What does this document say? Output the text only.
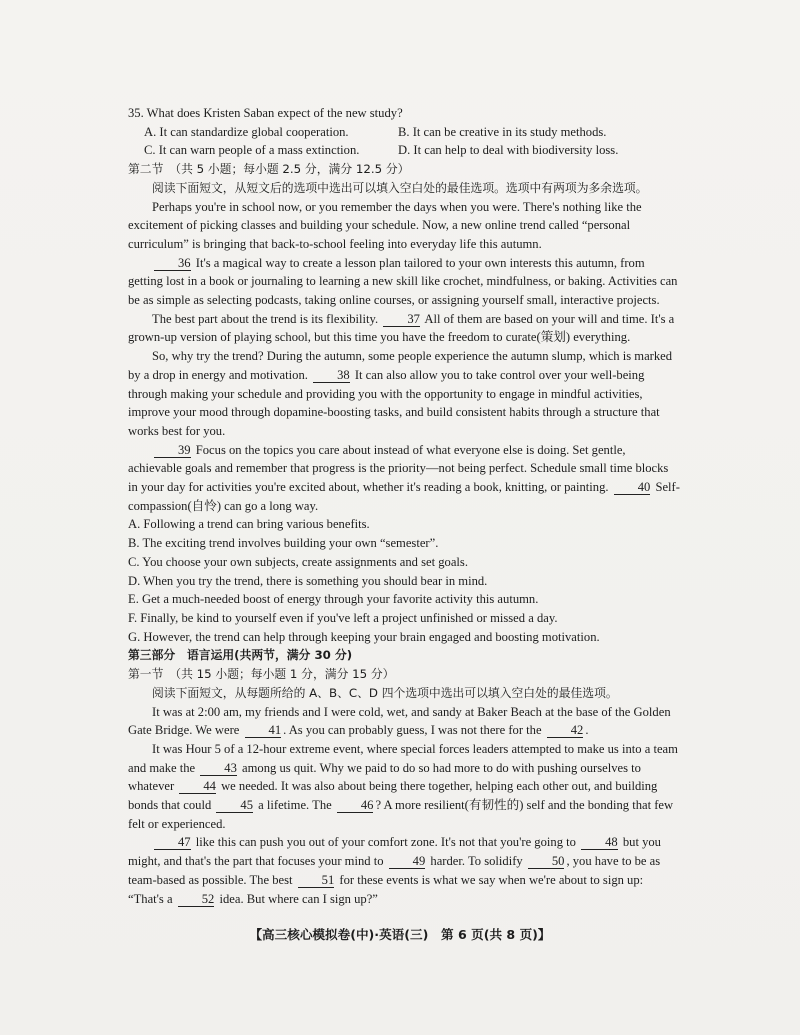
35. What does Kristen Saban expect of the new study?

A. It can standardize global cooperation.	B. It can be creative in its study methods.
C. It can warn people of a mass extinction.	D. It can help to deal with biodiversity loss.

第二节　（共 5 小题；每小题 2.5 分，满分 12.5 分）

阅读下面短文，从短文后的选项中选出可以填入空白处的最佳选项。选项中有两项为多余选项。

Perhaps you're in school now, or you remember the days when you were. There's nothing like the excitement of picking classes and building your schedule. Now, a new online trend called “personal curriculum” is bringing that back-to-school feeling into everyday life this autumn.

36 It's a magical way to create a lesson plan tailored to your own interests this autumn, from getting lost in a book or journaling to learning a new skill like crochet, mindfulness, or baking. Activities can be as simple as selecting podcasts, taking online courses, or assigning yourself small, interactive projects.

The best part about the trend is its flexibility. 37 All of them are based on your will and time. It's a grown-up version of playing school, but this time you have the freedom to curate(策划) everything.

So, why try the trend? During the autumn, some people experience the autumn slump, which is marked by a drop in energy and motivation. 38 It can also allow you to take control over your well-being through making your schedule and providing you with the opportunity to engage in mindful activities, improve your mood through dopamine-boosting tasks, and build consistent habits through a structure that works best for you.

39 Focus on the topics you care about instead of what everyone else is doing. Set gentle, achievable goals and remember that progress is the priority—not being perfect. Schedule small time blocks in your day for activities you're excited about, whether it's reading a book, knitting, or painting. 40 Self-compassion(自怜) can go a long way.

A. Following a trend can bring various benefits.

B. The exciting trend involves building your own “semester”.

C. You choose your own subjects, create assignments and set goals.

D. When you try the trend, there is something you should bear in mind.

E. Get a much-needed boost of energy through your favorite activity this autumn.

F. Finally, be kind to yourself even if you've left a project unfinished or missed a day.

G. However, the trend can help through keeping your brain engaged and boosting motivation.

第三部分　语言运用(共两节，满分 30 分)

第一节　（共 15 小题；每小题 1 分，满分 15 分）

阅读下面短文，从每题所给的 A、B、C、D 四个选项中选出可以填入空白处的最佳选项。

It was at 2:00 am, my friends and I were cold, wet, and sandy at Baker Beach at the base of the Golden Gate Bridge. We were 41 . As you can probably guess, I was not there for the 42 .

It was Hour 5 of a 12-hour extreme event, where special forces leaders attempted to make us into a team and make the 43 among us quit. Why we paid to do so had more to do with pushing ourselves to whatever 44 we needed. It was also about being there together, helping each other out, and building bonds that could 45 a lifetime. The 46 ? A more resilient(有韧性的) self and the bonding that few felt or experienced.

47 like this can push you out of your comfort zone. It's not that you're going to 48 but you might, and that's the part that focuses your mind to 49 harder. To solidify 50 , you have to be as team-based as possible. The best 51 for these events is what we say when we're about to sign up: “That's a 52 idea. But where can I sign up?”

【高三核心模拟卷(中)·英语(三)　第 6 页(共 8 页)】
